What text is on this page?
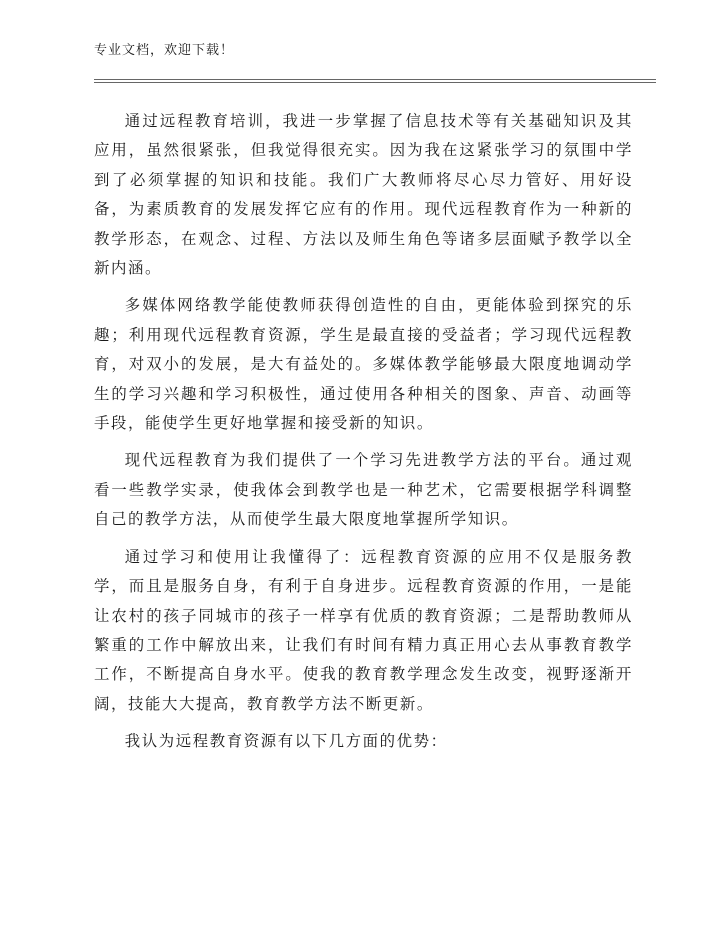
专业文档，欢迎下载！

通过远程教育培训，我进一步掌握了信息技术等有关基础知识及其应用，虽然很紧张，但我觉得很充实。因为我在这紧张学习的氛围中学到了必须掌握的知识和技能。我们广大教师将尽心尽力管好、用好设备，为素质教育的发展发挥它应有的作用。现代远程教育作为一种新的教学形态，在观念、过程、方法以及师生角色等诸多层面赋予教学以全新内涵。

多媒体网络教学能使教师获得创造性的自由，更能体验到探究的乐趣；利用现代远程教育资源，学生是最直接的受益者；学习现代远程教育，对双小的发展，是大有益处的。多媒体教学能够最大限度地调动学生的学习兴趣和学习积极性，通过使用各种相关的图象、声音、动画等手段，能使学生更好地掌握和接受新的知识。

现代远程教育为我们提供了一个学习先进教学方法的平台。通过观看一些教学实录，使我体会到教学也是一种艺术，它需要根据学科调整自己的教学方法，从而使学生最大限度地掌握所学知识。

通过学习和使用让我懂得了：远程教育资源的应用不仅是服务教学，而且是服务自身，有利于自身进步。远程教育资源的作用，一是能让农村的孩子同城市的孩子一样享有优质的教育资源；二是帮助教师从繁重的工作中解放出来，让我们有时间有精力真正用心去从事教育教学工作，不断提高自身水平。使我的教育教学理念发生改变，视野逐渐开阔，技能大大提高，教育教学方法不断更新。

我认为远程教育资源有以下几方面的优势：
